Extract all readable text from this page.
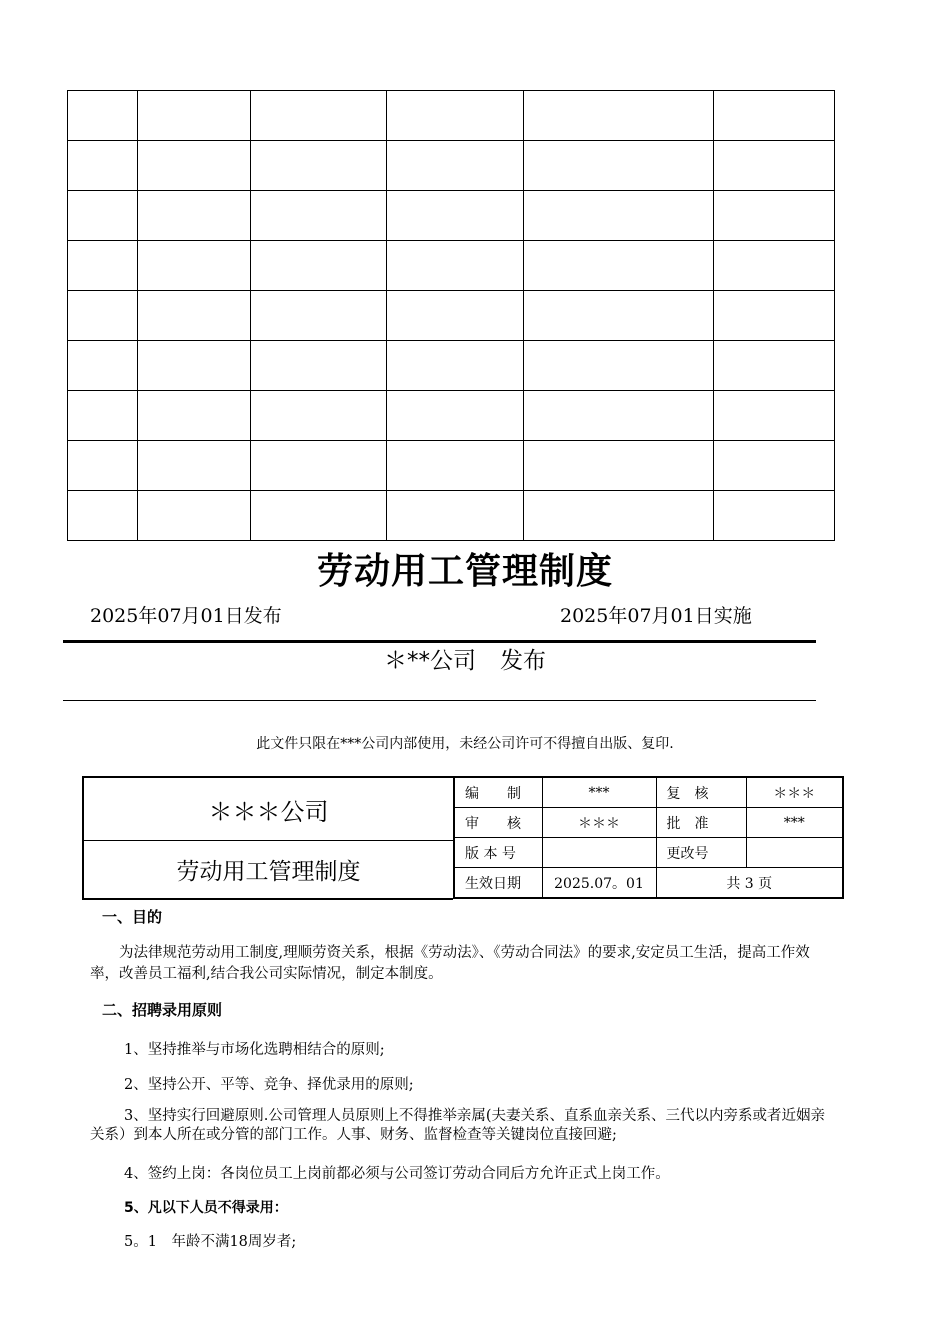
劳动用工管理制度
2025年07月01日发布	2025年07月01日实施
＊**公司 发布
此文件只限在***公司内部使用，未经公司许可不得擅自出版、复印.
＊＊＊公司
劳动用工管理制度
编　　制	***	复　核	＊＊＊
审　　核	＊＊＊	批　准	***
版 本 号		更改号	
生效日期	2025.07。01	共 3 页	
一、目的

为法律规范劳动用工制度,理顺劳资关系，根据《劳动法》、《劳动合同法》的要求,安定员工生活，提高工作效率，改善员工福利,结合我公司实际情况，制定本制度。

二、招聘录用原则

1、坚持推举与市场化选聘相结合的原则;

2、坚持公开、平等、竞争、择优录用的原则;

3、坚持实行回避原则.公司管理人员原则上不得推举亲属(夫妻关系、直系血亲关系、三代以内旁系或者近姻亲关系）到本人所在或分管的部门工作。人事、财务、监督检查等关键岗位直接回避;

4、签约上岗：各岗位员工上岗前都必须与公司签订劳动合同后方允许正式上岗工作。

5、凡以下人员不得录用：

5。1　年龄不满18周岁者;
